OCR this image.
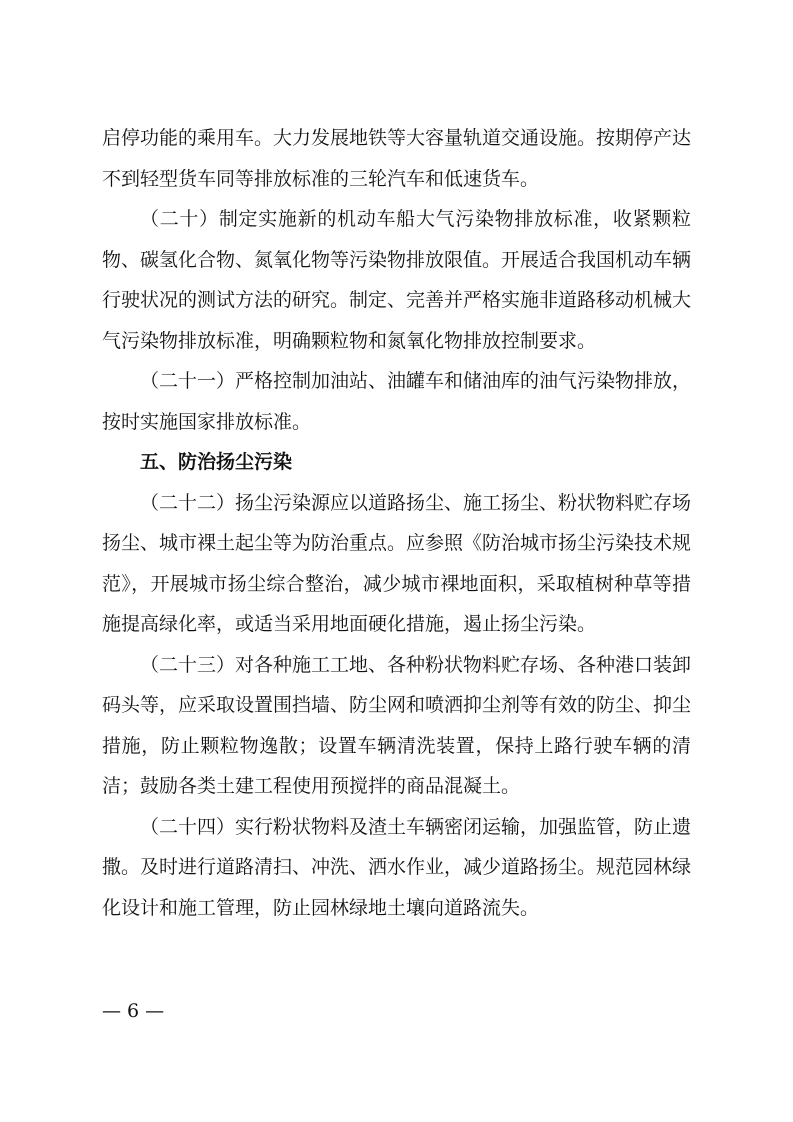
启停功能的乘用车。大力发展地铁等大容量轨道交通设施。按期停产达不到轻型货车同等排放标准的三轮汽车和低速货车。

（二十）制定实施新的机动车船大气污染物排放标准，收紧颗粒物、碳氢化合物、氮氧化物等污染物排放限值。开展适合我国机动车辆行驶状况的测试方法的研究。制定、完善并严格实施非道路移动机械大气污染物排放标准，明确颗粒物和氮氧化物排放控制要求。

（二十一）严格控制加油站、油罐车和储油库的油气污染物排放，按时实施国家排放标准。

五、防治扬尘污染

（二十二）扬尘污染源应以道路扬尘、施工扬尘、粉状物料贮存场扬尘、城市裸土起尘等为防治重点。应参照《防治城市扬尘污染技术规范》，开展城市扬尘综合整治，减少城市裸地面积，采取植树种草等措施提高绿化率，或适当采用地面硬化措施，遏止扬尘污染。

（二十三）对各种施工工地、各种粉状物料贮存场、各种港口装卸码头等，应采取设置围挡墙、防尘网和喷洒抑尘剂等有效的防尘、抑尘措施，防止颗粒物逸散；设置车辆清洗装置，保持上路行驶车辆的清洁；鼓励各类土建工程使用预搅拌的商品混凝土。

（二十四）实行粉状物料及渣土车辆密闭运输，加强监管，防止遗撒。及时进行道路清扫、冲洗、洒水作业，减少道路扬尘。规范园林绿化设计和施工管理，防止园林绿地土壤向道路流失。

— 6 —
